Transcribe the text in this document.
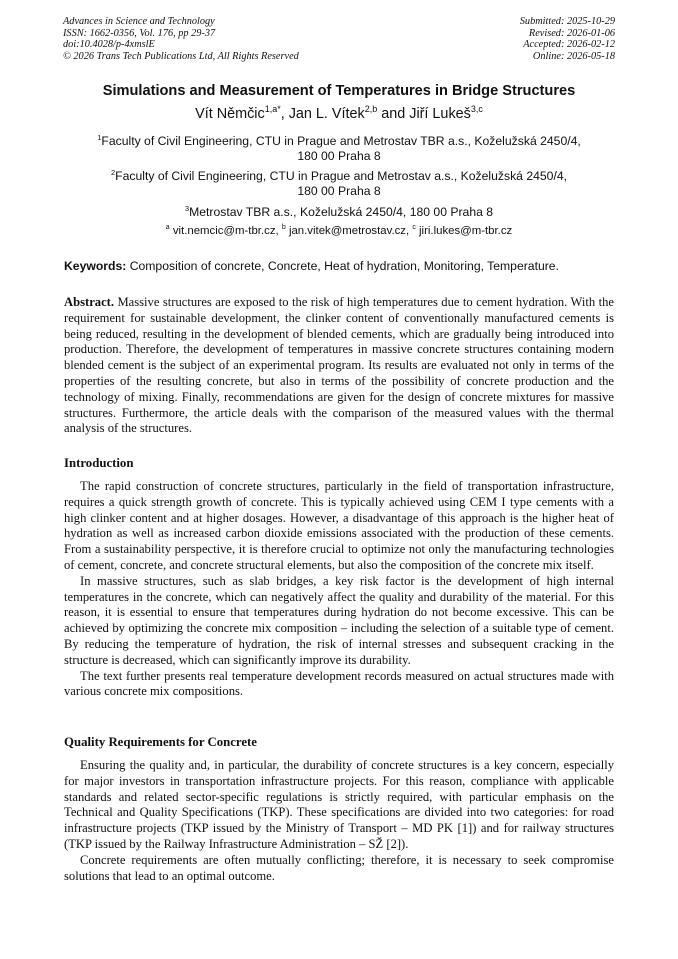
Advances in Science and Technology
ISSN: 1662-0356, Vol. 176, pp 29-37
doi:10.4028/p-4xmslE
© 2026 Trans Tech Publications Ltd, All Rights Reserved
Submitted: 2025-10-29
Revised: 2026-01-06
Accepted: 2026-02-12
Online: 2026-05-18
Simulations and Measurement of Temperatures in Bridge Structures
Vít Němčic$^{1,a*}$, Jan L. Vítek$^{2,b}$ and Jiří Lukeš$^{3,c}$
$^1$Faculty of Civil Engineering, CTU in Prague and Metrostav TBR a.s., Koželužská 2450/4,
180 00 Praha 8
$^2$Faculty of Civil Engineering, CTU in Prague and Metrostav a.s., Koželužská 2450/4,
180 00 Praha 8
$^3$Metrostav TBR a.s., Koželužská 2450/4, 180 00 Praha 8
$^a$ vit.nemcic@m-tbr.cz, $^b$ jan.vitek@metrostav.cz, $^c$ jiri.lukes@m-tbr.cz
Keywords: Composition of concrete, Concrete, Heat of hydration, Monitoring, Temperature.

Abstract. Massive structures are exposed to the risk of high temperatures due to cement hydration. With the requirement for sustainable development, the clinker content of conventionally manufactured cements is being reduced, resulting in the development of blended cements, which are gradually being introduced into production. Therefore, the development of temperatures in massive concrete structures containing modern blended cement is the subject of an experimental program. Its results are evaluated not only in terms of the properties of the resulting concrete, but also in terms of the possibility of concrete production and the technology of mixing. Finally, recommendations are given for the design of concrete mixtures for massive structures. Furthermore, the article deals with the comparison of the measured values with the thermal analysis of the structures.

Introduction

The rapid construction of concrete structures, particularly in the field of transportation infrastructure, requires a quick strength growth of concrete. This is typically achieved using CEM I type cements with a high clinker content and at higher dosages. However, a disadvantage of this approach is the higher heat of hydration as well as increased carbon dioxide emissions associated with the production of these cements. From a sustainability perspective, it is therefore crucial to optimize not only the manufacturing technologies of cement, concrete, and concrete structural elements, but also the composition of the concrete mix itself.

In massive structures, such as slab bridges, a key risk factor is the development of high internal temperatures in the concrete, which can negatively affect the quality and durability of the material. For this reason, it is essential to ensure that temperatures during hydration do not become excessive. This can be achieved by optimizing the concrete mix composition – including the selection of a suitable type of cement. By reducing the temperature of hydration, the risk of internal stresses and subsequent cracking in the structure is decreased, which can significantly improve its durability.

The text further presents real temperature development records measured on actual structures made with various concrete mix compositions.

Quality Requirements for Concrete

Ensuring the quality and, in particular, the durability of concrete structures is a key concern, especially for major investors in transportation infrastructure projects. For this reason, compliance with applicable standards and related sector-specific regulations is strictly required, with particular emphasis on the Technical and Quality Specifications (TKP). These specifications are divided into two categories: for road infrastructure projects (TKP issued by the Ministry of Transport – MD PK [1]) and for railway structures (TKP issued by the Railway Infrastructure Administration – SŽ [2]).

Concrete requirements are often mutually conflicting; therefore, it is necessary to seek compromise solutions that lead to an optimal outcome.
